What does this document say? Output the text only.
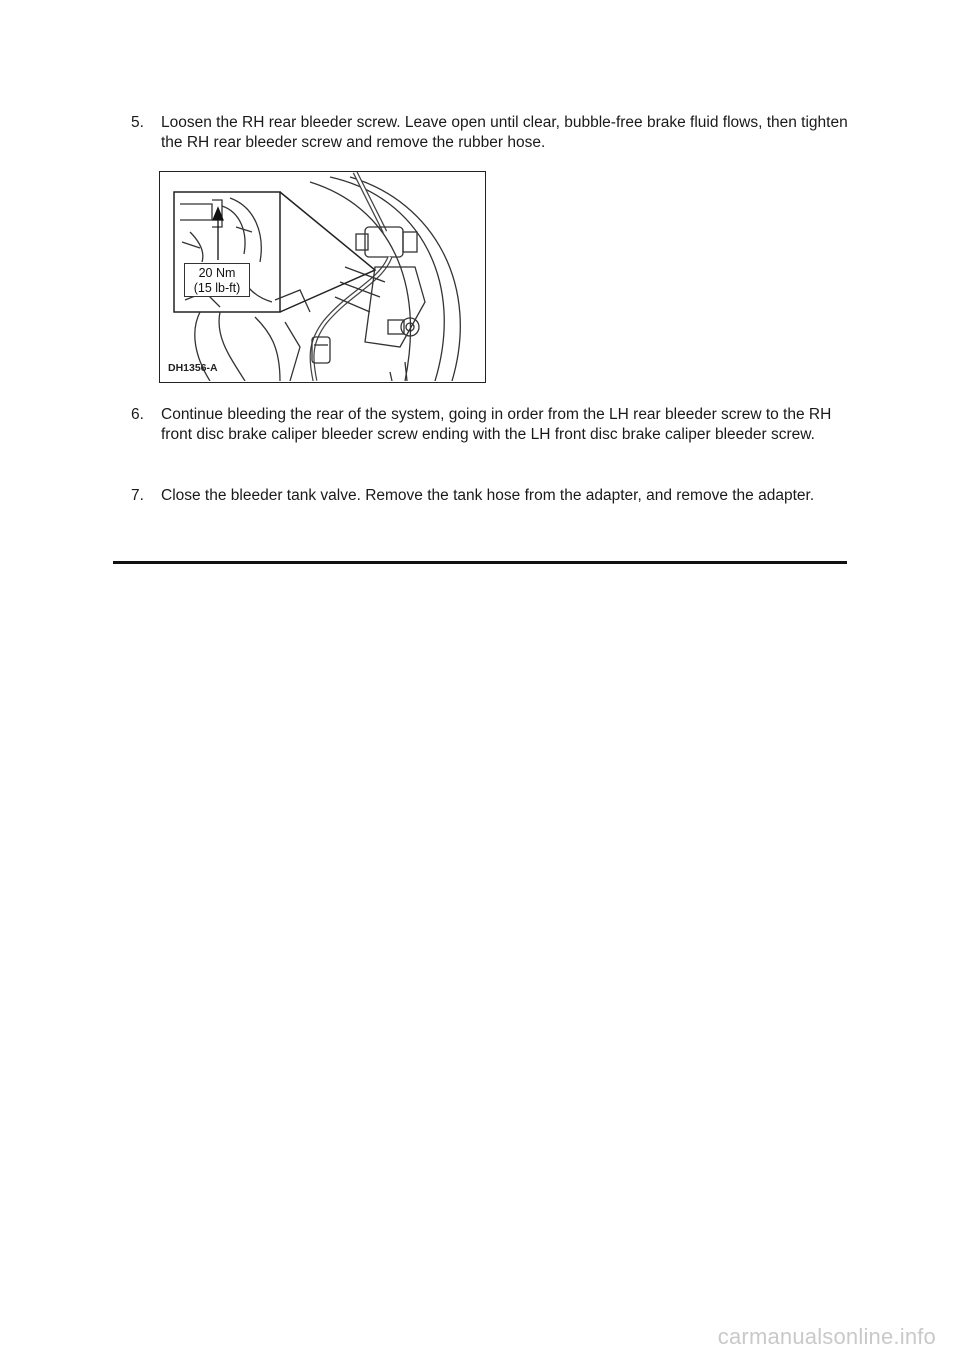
5.	Loosen the RH rear bleeder screw. Leave open until clear, bubble-free brake fluid flows, then tighten the RH rear bleeder screw and remove the rubber hose.
20 Nm
(15 lb-ft)
DH1356-A
6.	Continue bleeding the rear of the system, going in order from the LH rear bleeder screw to the RH front disc brake caliper bleeder screw ending with the LH front disc brake caliper bleeder screw.
7.	Close the bleeder tank valve. Remove the tank hose from the adapter, and remove the adapter.
carmanualsonline.info
